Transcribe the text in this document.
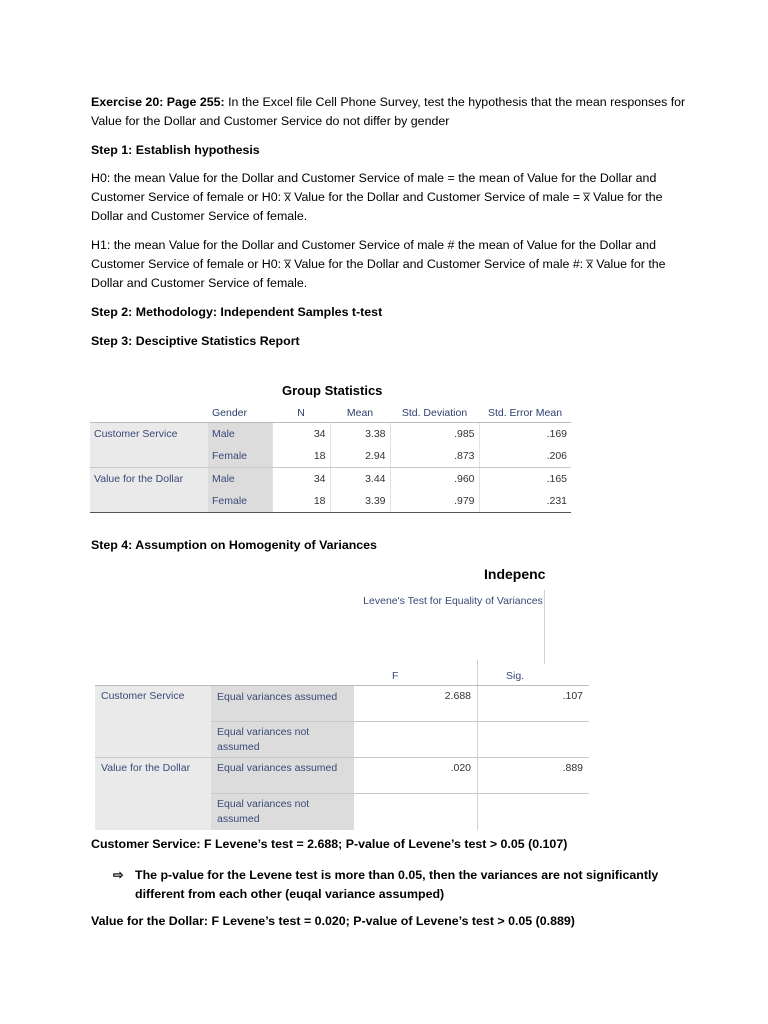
Exercise 20: Page 255: In the Excel file Cell Phone Survey, test the hypothesis that the mean responses for Value for the Dollar and Customer Service do not differ by gender

Step 1: Establish hypothesis

H0: the mean Value for the Dollar and Customer Service of male = the mean of Value for the Dollar and Customer Service of female or H0: x̅ Value for the Dollar and Customer Service of male = x̅ Value for the Dollar and Customer Service of female.

H1: the mean Value for the Dollar and Customer Service of male # the mean of Value for the Dollar and Customer Service of female or H0: x̅ Value for the Dollar and Customer Service of male #: x̅ Value for the Dollar and Customer Service of female.

Step 2: Methodology: Independent Samples t-test

Step 3: Desciptive Statistics Report

Group Statistics
	Gender	N	Mean	Std. Deviation	Std. Error Mean
Customer Service	Male	34	3.38	.985	.169
	Female	18	2.94	.873	.206
Value for the Dollar	Male	34	3.44	.960	.165
	Female	18	3.39	.979	.231

Step 4: Assumption on Homogenity of Variances

Indepenc
Levene's Test for Equality of Variances
		F	Sig.
Customer Service	Equal variances assumed	2.688	.107
	Equal variances not assumed		
Value for the Dollar	Equal variances assumed	.020	.889
	Equal variances not assumed		

Customer Service: F Levene’s test = 2.688; P-value of Levene’s test > 0.05 (0.107)

⇨ The p-value for the Levene test is more than 0.05, then the variances are not significantly different from each other (euqal variance assumped)

Value for the Dollar: F Levene’s test = 0.020; P-value of Levene’s test > 0.05 (0.889)
